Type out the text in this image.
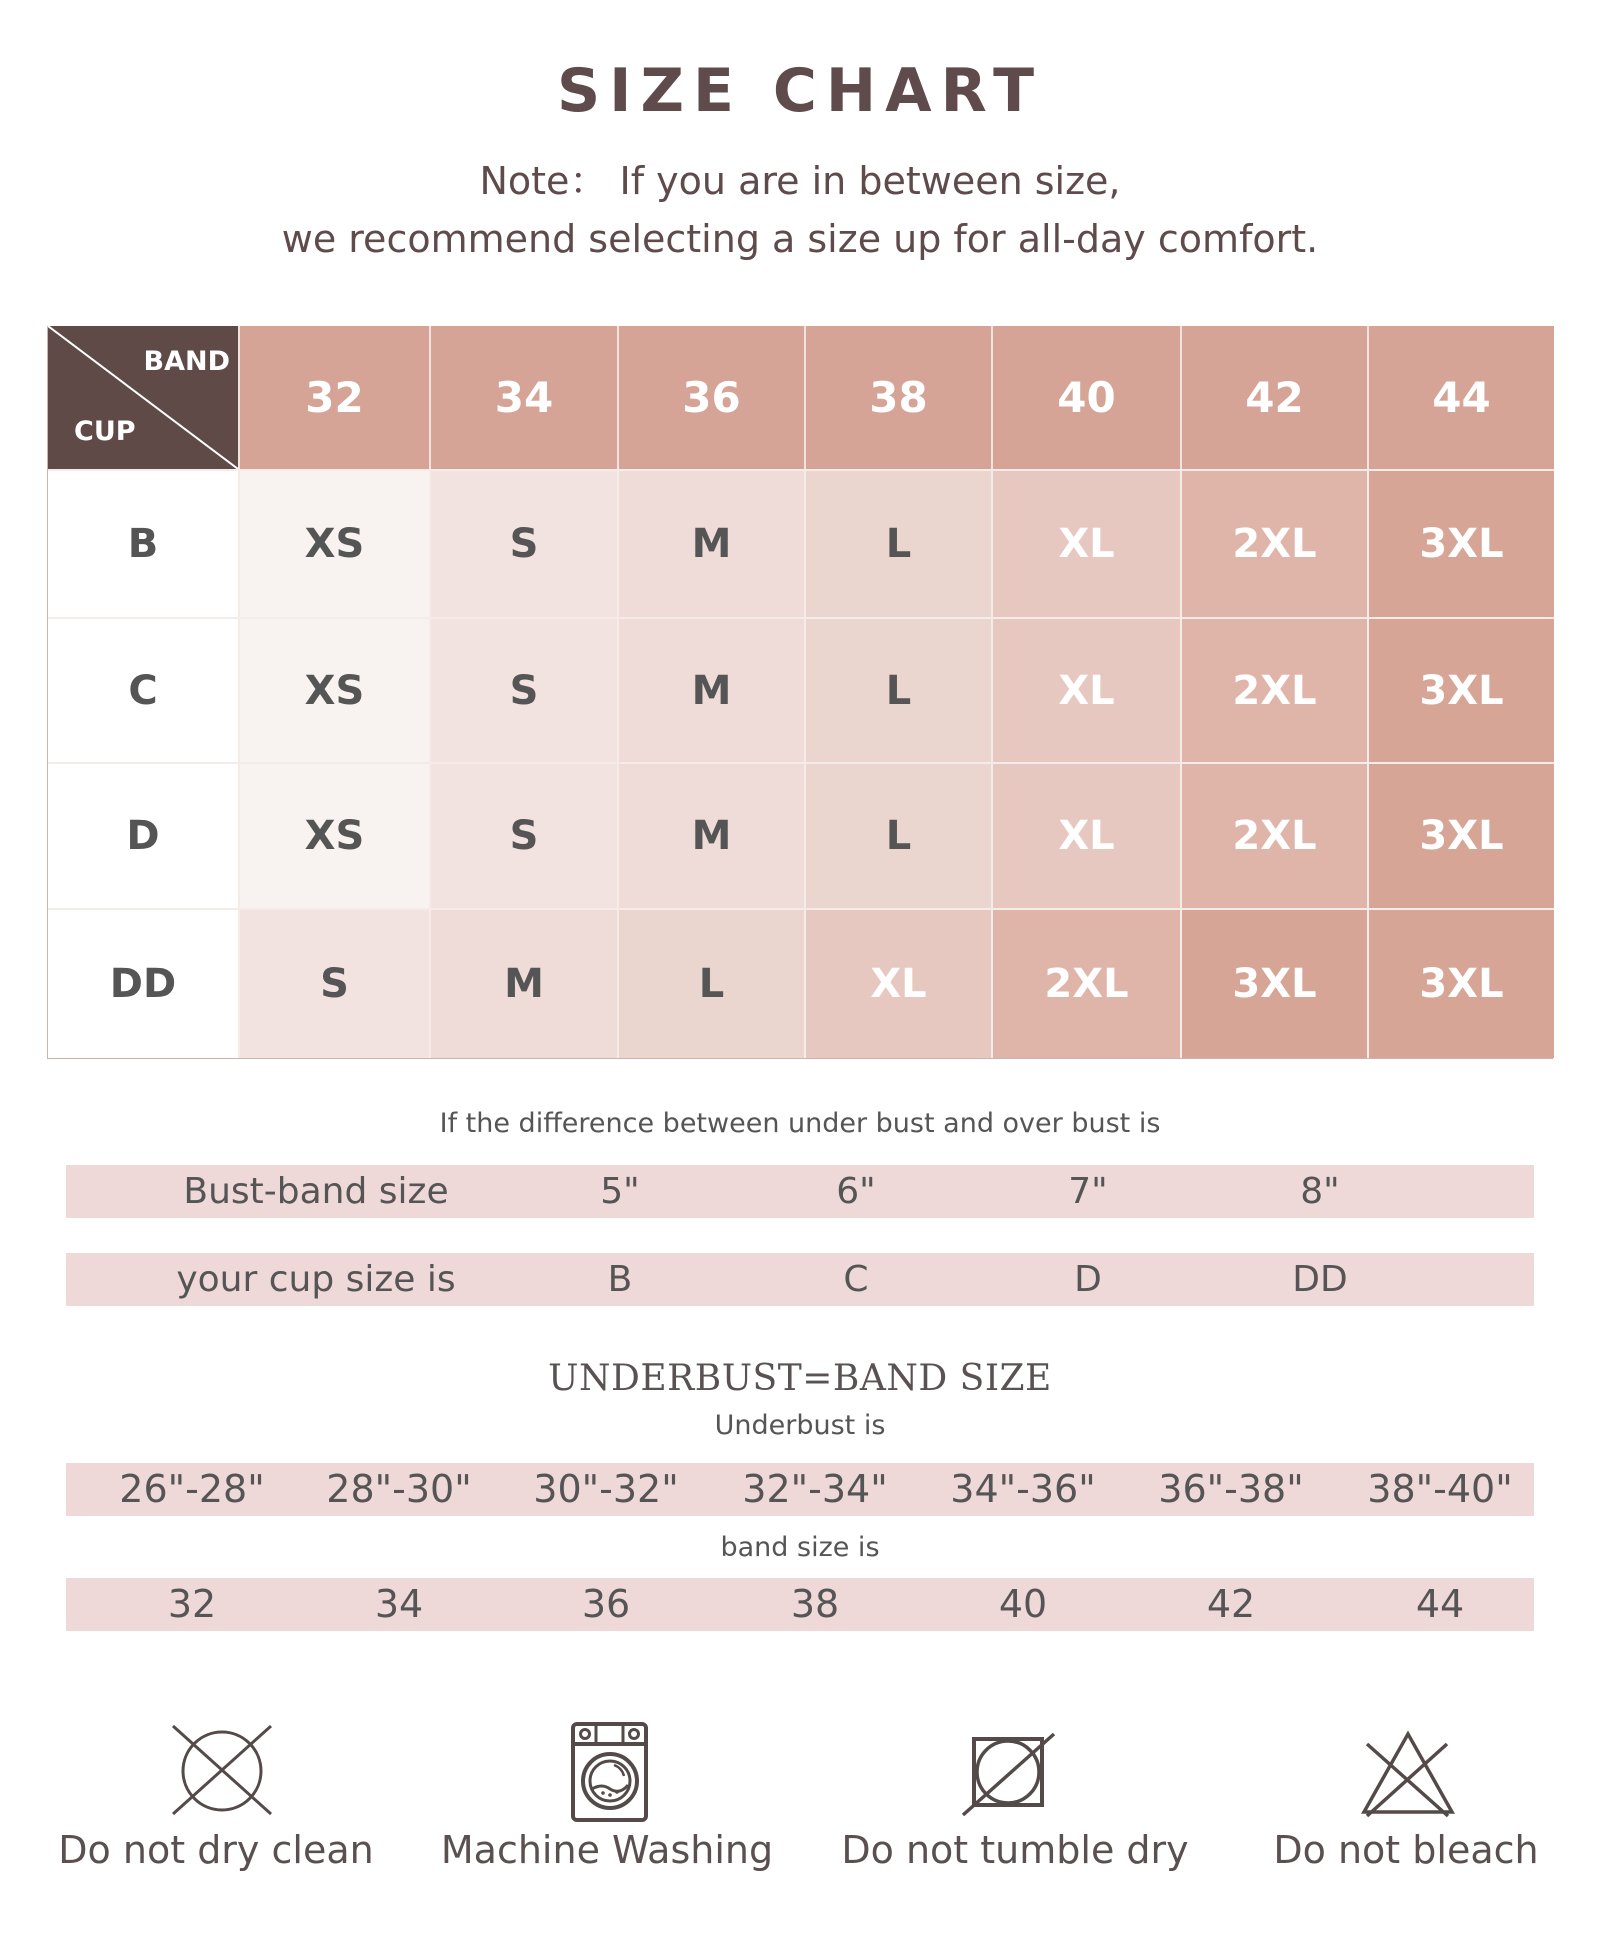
SIZE CHART
Note： If you are in between size,
we recommend selecting a size up for all-day comfort.
BAND
CUP
32	34	36	38	40	42	44
B	XS	S	M	L	XL	2XL	3XL
C	XS	S	M	L	XL	2XL	3XL
D	XS	S	M	L	XL	2XL	3XL
DD	S	M	L	XL	2XL	3XL	3XL
If the difference between under bust and over bust is
Bust-band size	5"	6"	7"	8"
your cup size is	B	C	D	DD
UNDERBUST=BAND SIZE
Underbust is
26"-28" 28"-30" 30"-32" 32"-34" 34"-36" 36"-38" 38"-40"
band size is
32	34	36	38	40	42	44
Do not dry clean Machine Washing Do not tumble dry Do not bleach
